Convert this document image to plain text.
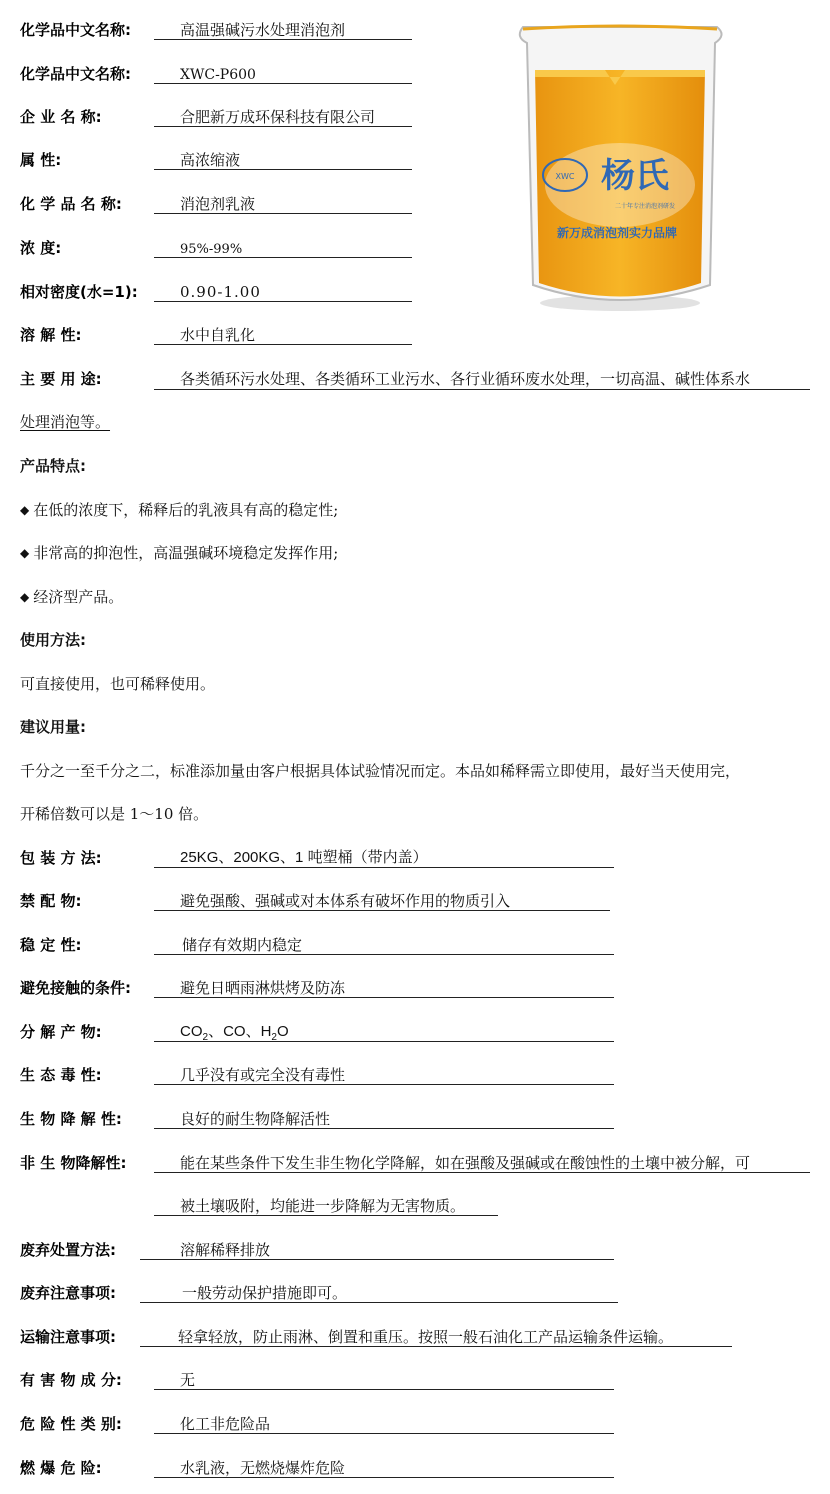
化学品中文名称:	高温强碱污水处理消泡剂
化学品中文名称:	XWC-P600
企 业 名 称:	合肥新万成环保科技有限公司
属 性:	高浓缩液
化 学 品 名 称:	消泡剂乳液
浓 度:	95%-99%
相对密度(水=1):	0.90-1.00
溶 解 性:	水中自乳化
XWC 杨氏
二十年专注消泡剂研发
新万成消泡剂实力品牌
主 要 用 途:	各类循环污水处理、各类循环工业污水、各行业循环废水处理，一切高温、碱性体系水
处理消泡等。
产品特点:
◆ 在低的浓度下，稀释后的乳液具有高的稳定性;
◆ 非常高的抑泡性，高温强碱环境稳定发挥作用;
◆ 经济型产品。
使用方法:
可直接使用，也可稀释使用。
建议用量:
千分之一至千分之二，标准添加量由客户根据具体试验情况而定。本品如稀释需立即使用，最好当天使用完，
开稀倍数可以是 1～10 倍。
包 装 方 法:	25KG、200KG、1 吨塑桶（带内盖）
禁 配 物:	避免强酸、强碱或对本体系有破坏作用的物质引入
稳 定 性:	储存有效期内稳定
避免接触的条件:	避免日晒雨淋烘烤及防冻
分 解 产 物:	$CO_2$、CO、$H_2O$
生 态 毒 性:	几乎没有或完全没有毒性
生 物 降 解 性:	良好的耐生物降解活性
非 生 物降解性:	能在某些条件下发生非生物化学降解，如在强酸及强碱或在酸蚀性的土壤中被分解，可
被土壤吸附，均能进一步降解为无害物质。
废弃处置方法:	溶解稀释排放
废弃注意事项:	一般劳动保护措施即可。
运输注意事项:	轻拿轻放，防止雨淋、倒置和重压。按照一般石油化工产品运输条件运输。
有 害 物 成 分:	无
危 险 性 类 别:	化工非危险品
燃 爆 危 险:	水乳液，无燃烧爆炸危险
